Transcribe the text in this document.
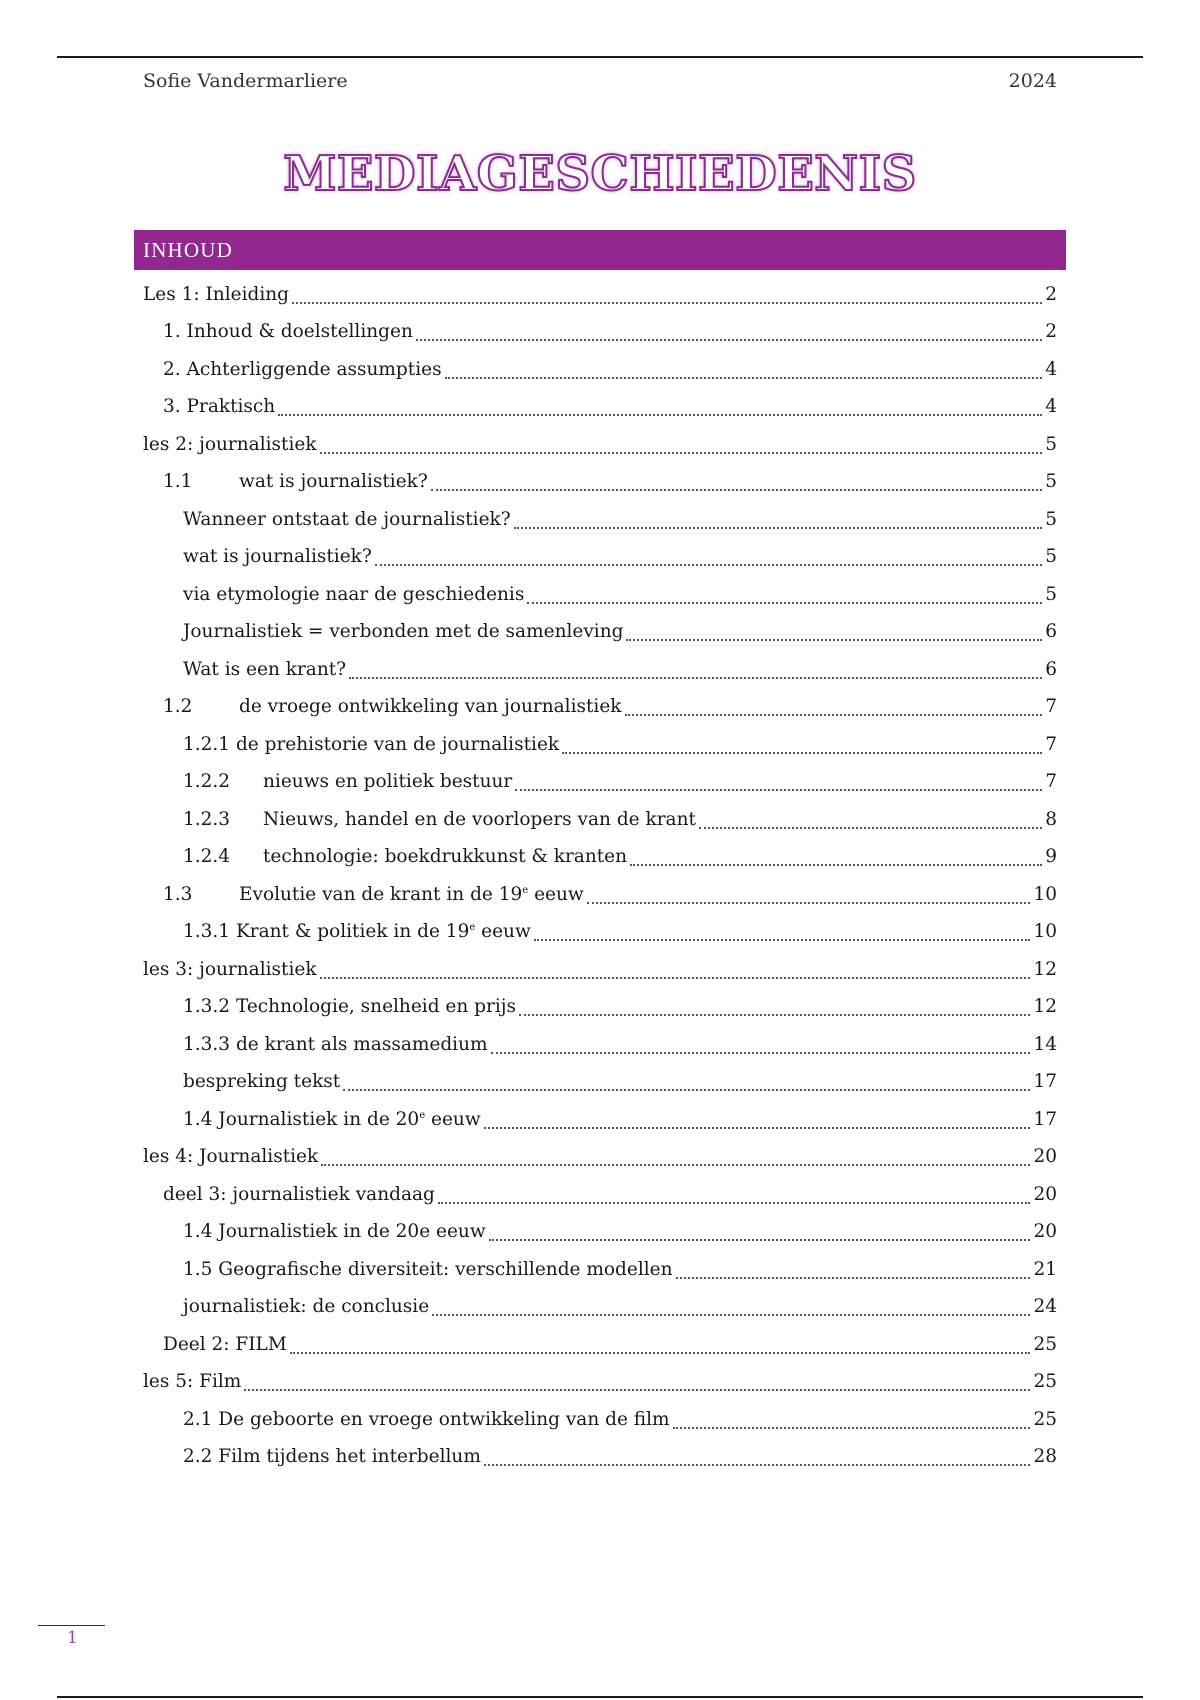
Sofie Vandermarliere	2024
MEDIAGESCHIEDENIS
INHOUD
Les 1: Inleiding	2
1. Inhoud & doelstellingen	2
2. Achterliggende assumpties	4
3. Praktisch	4
les 2: journalistiek	5
1.1	wat is journalistiek?	5
Wanneer ontstaat de journalistiek?	5
wat is journalistiek?	5
via etymologie naar de geschiedenis	5
Journalistiek = verbonden met de samenleving	6
Wat is een krant?	6
1.2	de vroege ontwikkeling van journalistiek	7
1.2.1 de prehistorie van de journalistiek	7
1.2.2	nieuws en politiek bestuur	7
1.2.3	Nieuws, handel en de voorlopers van de krant	8
1.2.4	technologie: boekdrukkunst & kranten	9
1.3	Evolutie van de krant in de 19e eeuw	10
1.3.1 Krant & politiek in de 19e eeuw	10
les 3: journalistiek	12
1.3.2 Technologie, snelheid en prijs	12
1.3.3 de krant als massamedium	14
bespreking tekst	17
1.4 Journalistiek in de 20e eeuw	17
les 4: Journalistiek	20
deel 3: journalistiek vandaag	20
1.4 Journalistiek in de 20e eeuw	20
1.5 Geografische diversiteit: verschillende modellen	21
journalistiek: de conclusie	24
Deel 2: FILM	25
les 5: Film	25
2.1 De geboorte en vroege ontwikkeling van de film	25
2.2 Film tijdens het interbellum	28
1
